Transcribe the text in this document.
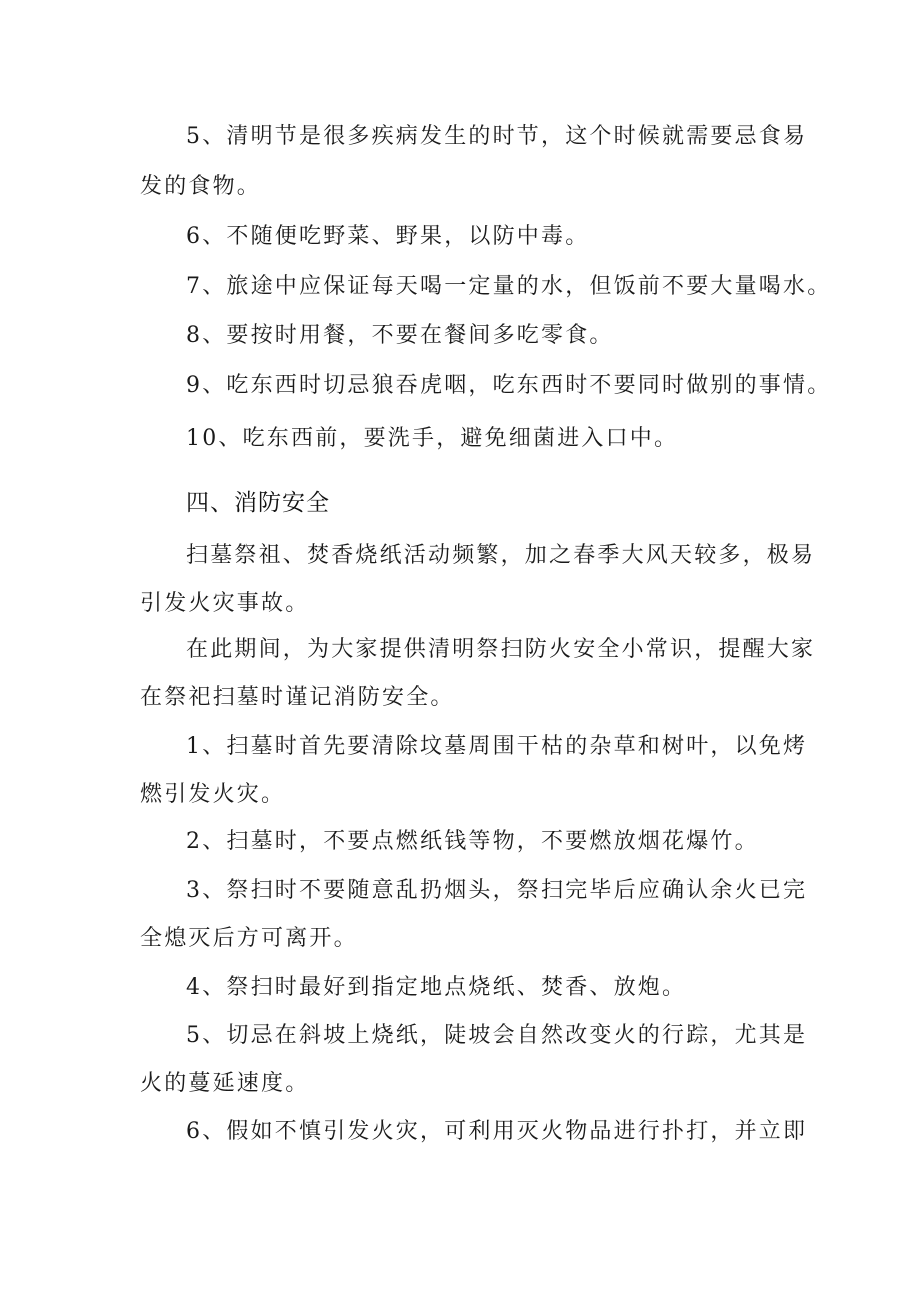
5、清明节是很多疾病发生的时节，这个时候就需要忌食易

发的食物。

6、不随便吃野菜、野果，以防中毒。

7、旅途中应保证每天喝一定量的水，但饭前不要大量喝水。

8、要按时用餐，不要在餐间多吃零食。

9、吃东西时切忌狼吞虎咽，吃东西时不要同时做别的事情。

10、吃东西前，要洗手，避免细菌进入口中。

四、消防安全

扫墓祭祖、焚香烧纸活动频繁，加之春季大风天较多，极易

引发火灾事故。

在此期间，为大家提供清明祭扫防火安全小常识，提醒大家

在祭祀扫墓时谨记消防安全。

1、扫墓时首先要清除坟墓周围干枯的杂草和树叶，以免烤

燃引发火灾。

2、扫墓时，不要点燃纸钱等物，不要燃放烟花爆竹。

3、祭扫时不要随意乱扔烟头，祭扫完毕后应确认余火已完

全熄灭后方可离开。

4、祭扫时最好到指定地点烧纸、焚香、放炮。

5、切忌在斜坡上烧纸，陡坡会自然改变火的行踪，尤其是

火的蔓延速度。

6、假如不慎引发火灾，可利用灭火物品进行扑打，并立即
